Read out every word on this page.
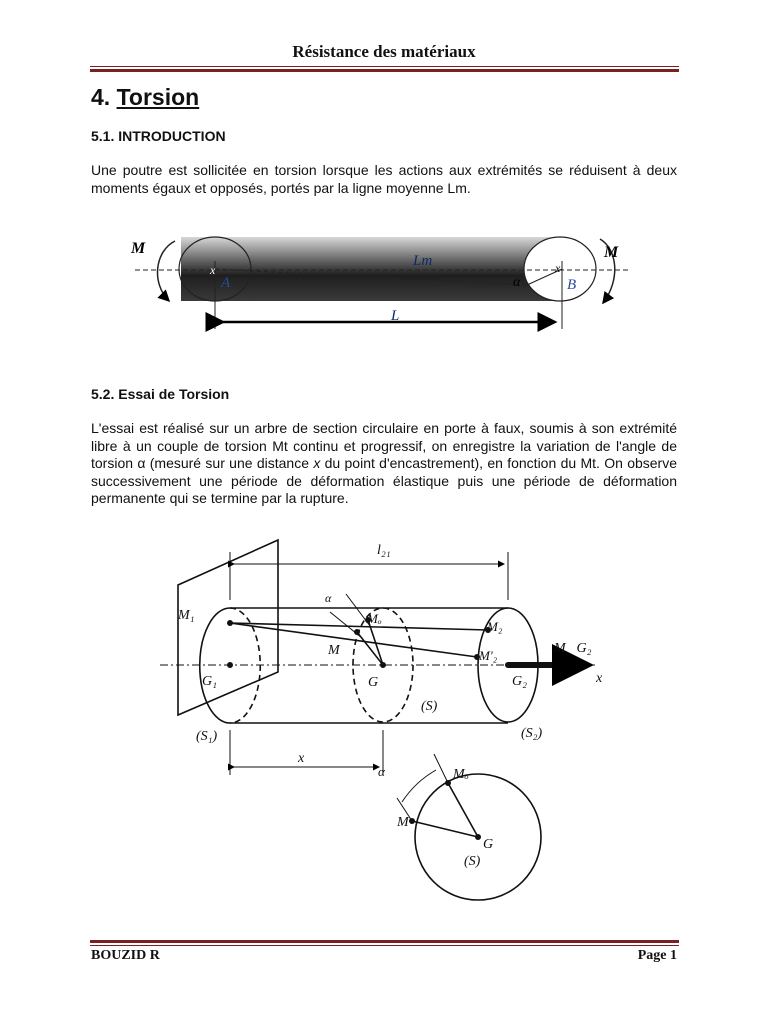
Résistance des matériaux
4. Torsion
5.1. INTRODUCTION

Une poutre est sollicitée en torsion lorsque les actions aux extrémités se réduisent à deux moments égaux et opposés, portés par la ligne moyenne Lm.

M	M
Lm
x	x
A	B
α
L
5.2. Essai de Torsion

L'essai est réalisé sur un arbre de section circulaire en porte à faux, soumis à son extrémité libre à un couple de torsion Mt continu et progressif, on enregistre la variation de l'angle de torsion α (mesuré sur une distance x du point d'encastrement), en fonction du Mt. On observe successivement une période de déformation élastique puis une période de déformation permanente qui se termine par la rupture.

l₂₁
M₁
α
Mₒ
M
M₂
M'₂	M⃗G₂
G₁	G	G₂	x
(S)
(S₁)	(S₂)
x
α	Mₒ
M
G
(S)
BOUZID R	Page 1
